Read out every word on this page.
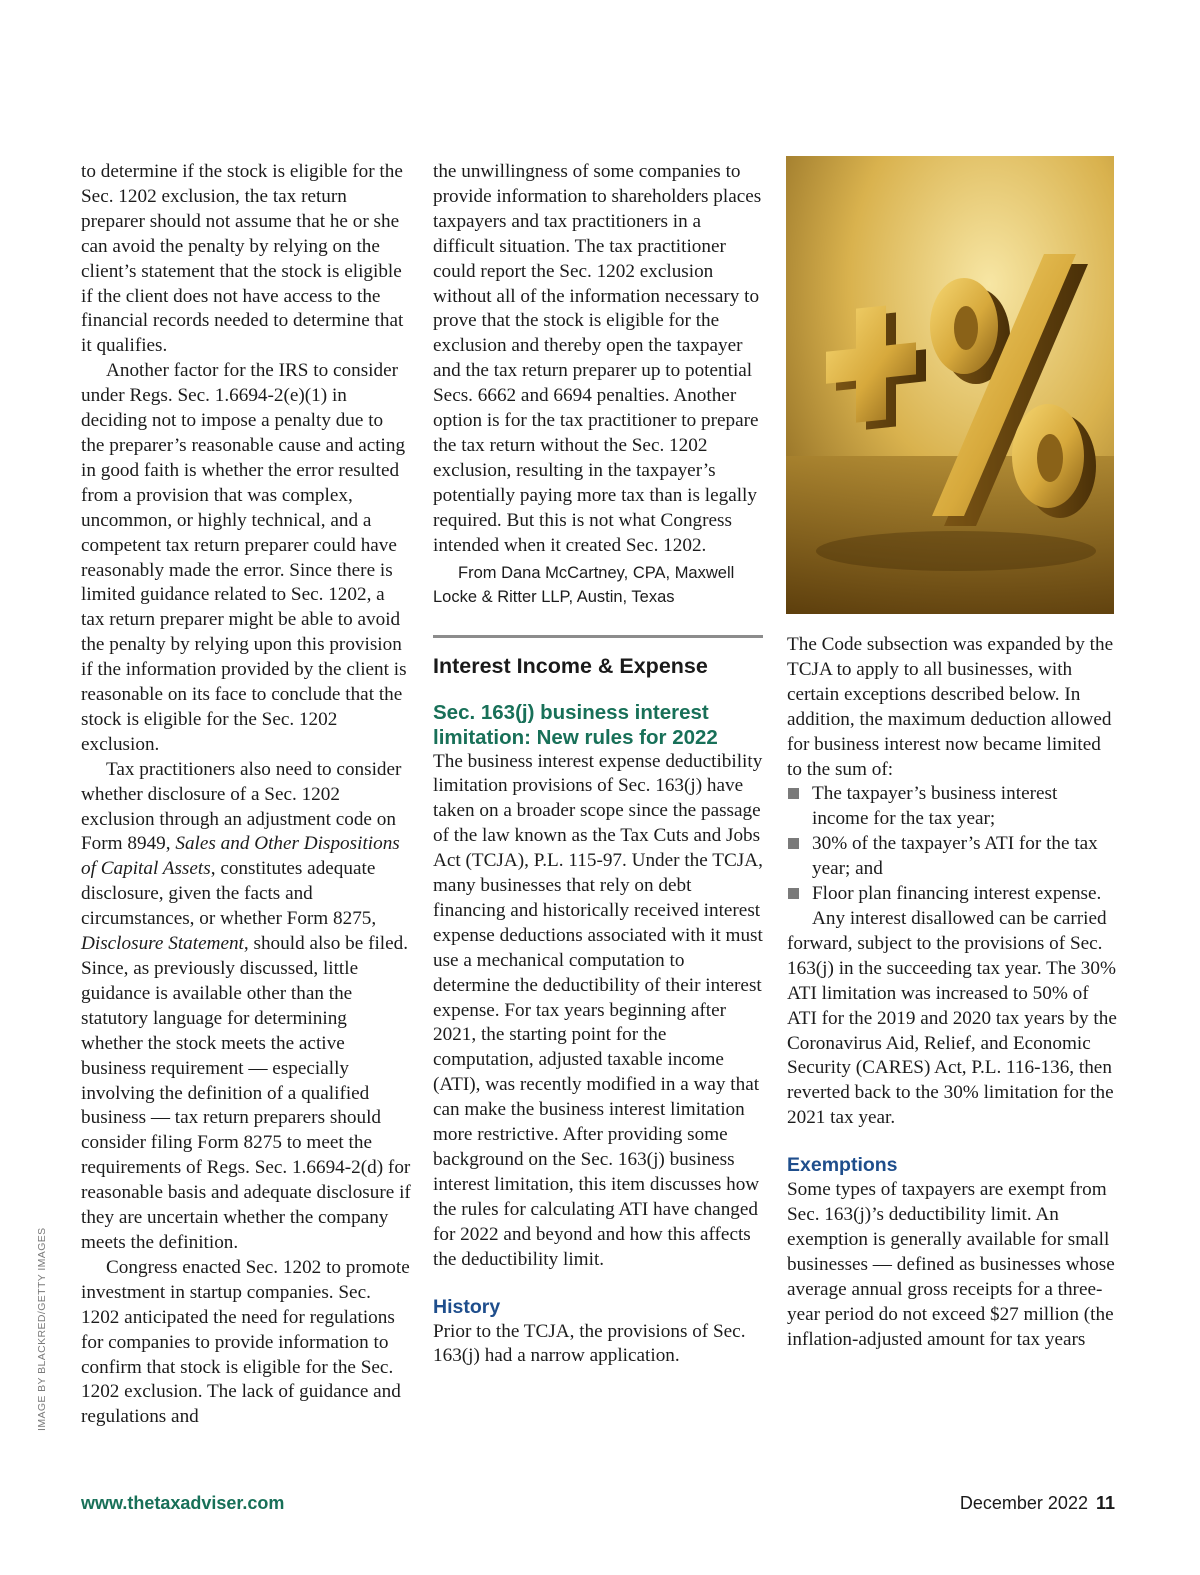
to determine if the stock is eligible for the Sec. 1202 exclusion, the tax return preparer should not assume that he or she can avoid the penalty by relying on the client’s statement that the stock is eligible if the client does not have access to the financial records needed to determine that it qualifies.

Another factor for the IRS to consider under Regs. Sec. 1.6694-2(e)(1) in deciding not to impose a penalty due to the preparer’s reasonable cause and acting in good faith is whether the error resulted from a provision that was complex, uncommon, or highly technical, and a competent tax return preparer could have reasonably made the error. Since there is limited guidance related to Sec. 1202, a tax return preparer might be able to avoid the penalty by relying upon this provision if the information provided by the client is reasonable on its face to conclude that the stock is eligible for the Sec. 1202 exclusion.

Tax practitioners also need to consider whether disclosure of a Sec. 1202 exclusion through an adjustment code on Form 8949, Sales and Other Dispositions of Capital Assets, constitutes adequate disclosure, given the facts and circumstances, or whether Form 8275, Disclosure Statement, should also be filed. Since, as previously discussed, little guidance is available other than the statutory language for determining whether the stock meets the active business requirement — especially involving the definition of a qualified business — tax return preparers should consider filing Form 8275 to meet the requirements of Regs. Sec. 1.6694-2(d) for reasonable basis and adequate disclosure if they are uncertain whether the company meets the definition.

Congress enacted Sec. 1202 to promote investment in startup companies. Sec. 1202 anticipated the need for regulations for companies to provide information to confirm that stock is eligible for the Sec. 1202 exclusion. The lack of guidance and regulations and

the unwillingness of some companies to provide information to shareholders places taxpayers and tax practitioners in a difficult situation. The tax practitioner could report the Sec. 1202 exclusion without all of the information necessary to prove that the stock is eligible for the exclusion and thereby open the taxpayer and the tax return preparer up to potential Secs. 6662 and 6694 penalties. Another option is for the tax practitioner to prepare the tax return without the Sec. 1202 exclusion, resulting in the taxpayer’s potentially paying more tax than is legally required. But this is not what Congress intended when it created Sec. 1202.

From Dana McCartney, CPA, Maxwell Locke & Ritter LLP, Austin, Texas

Interest Income & Expense
Sec. 163(j) business interest limitation: New rules for 2022

The business interest expense deductibility limitation provisions of Sec. 163(j) have taken on a broader scope since the passage of the law known as the Tax Cuts and Jobs Act (TCJA), P.L. 115-97. Under the TCJA, many businesses that rely on debt financing and historically received interest expense deductions associated with it must use a mechanical computation to determine the deductibility of their interest expense. For tax years beginning after 2021, the starting point for the computation, adjusted taxable income (ATI), was recently modified in a way that can make the business interest limitation more restrictive. After providing some background on the Sec. 163(j) business interest limitation, this item discusses how the rules for calculating ATI have changed for 2022 and beyond and how this affects the deductibility limit.

History

Prior to the TCJA, the provisions of Sec. 163(j) had a narrow application.

The Code subsection was expanded by the TCJA to apply to all businesses, with certain exceptions described below. In addition, the maximum deduction allowed for business interest now became limited to the sum of:

The taxpayer’s business interest income for the tax year;
30% of the taxpayer’s ATI for the tax year; and
Floor plan financing interest expense.

Any interest disallowed can be carried forward, subject to the provisions of Sec. 163(j) in the succeeding tax year. The 30% ATI limitation was increased to 50% of ATI for the 2019 and 2020 tax years by the Coronavirus Aid, Relief, and Economic Security (CARES) Act, P.L. 116-136, then reverted back to the 30% limitation for the 2021 tax year.

Exemptions

Some types of taxpayers are exempt from Sec. 163(j)’s deductibility limit. An exemption is generally available for small businesses — defined as businesses whose average annual gross receipts for a three-year period do not exceed $27 million (the inflation-adjusted amount for tax years

IMAGE BY BLACKRED/GETTY IMAGES
www.thetaxadviser.com	December 2022 11
